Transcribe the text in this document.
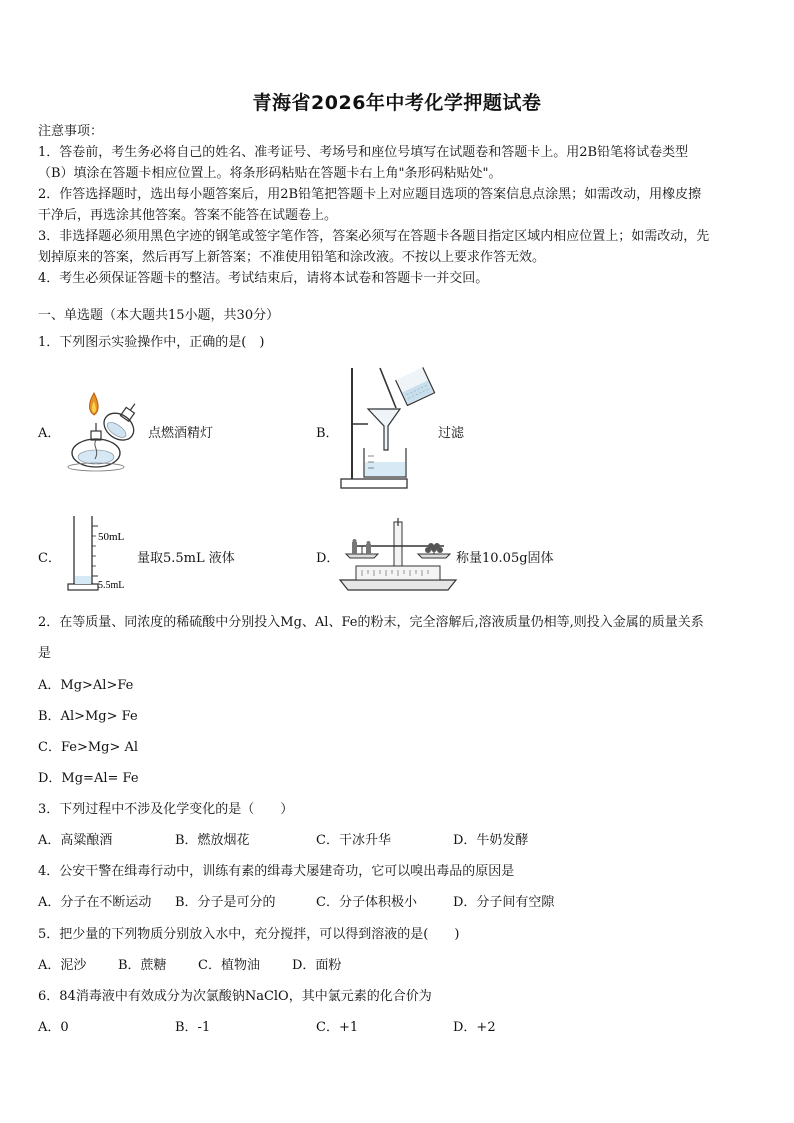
青海省2026年中考化学押题试卷
注意事项：
1．答卷前，考生务必将自己的姓名、准考证号、考场号和座位号填写在试题卷和答题卡上。用2B铅笔将试卷类型
（B）填涂在答题卡相应位置上。将条形码粘贴在答题卡右上角"条形码粘贴处"。
2．作答选择题时，选出每小题答案后，用2B铅笔把答题卡上对应题目选项的答案信息点涂黑；如需改动，用橡皮擦
干净后，再选涂其他答案。答案不能答在试题卷上。
3．非选择题必须用黑色字迹的钢笔或签字笔作答，答案必须写在答题卡各题目指定区域内相应位置上；如需改动，先
划掉原来的答案，然后再写上新答案；不准使用铅笔和涂改液。不按以上要求作答无效。
4．考生必须保证答题卡的整洁。考试结束后，请将本试卷和答题卡一并交回。
一、单选题（本大题共15小题，共30分）
1．下列图示实验操作中，正确的是(　)
A．	点燃酒精灯	B．	过滤
C．
50mL
5.5mL
量取5.5mL 液体	D．	称量10.05g固体
2．在等质量、同浓度的稀硫酸中分别投入Mg、Al、Fe的粉末，完全溶解后,溶液质量仍相等,则投入金属的质量关系
是
A．Mg>Al>Fe
B．Al>Mg> Fe
C．Fe>Mg> Al
D．Mg=Al= Fe
3．下列过程中不涉及化学变化的是（　　）
A．高粱酿酒	B．燃放烟花	C．干冰升华	D．牛奶发酵
4．公安干警在缉毒行动中，训练有素的缉毒犬屡建奇功，它可以嗅出毒品的原因是
A．分子在不断运动 B．分子是可分的	C．分子体积极小	D．分子间有空隙
5．把少量的下列物质分别放入水中，充分搅拌，可以得到溶液的是(　　)
A．泥沙 B．蔗糖 C．植物油 D．面粉
6．84消毒液中有效成分为次氯酸钠NaClO，其中氯元素的化合价为
A．0	B．-1	C．+1	D．+2
